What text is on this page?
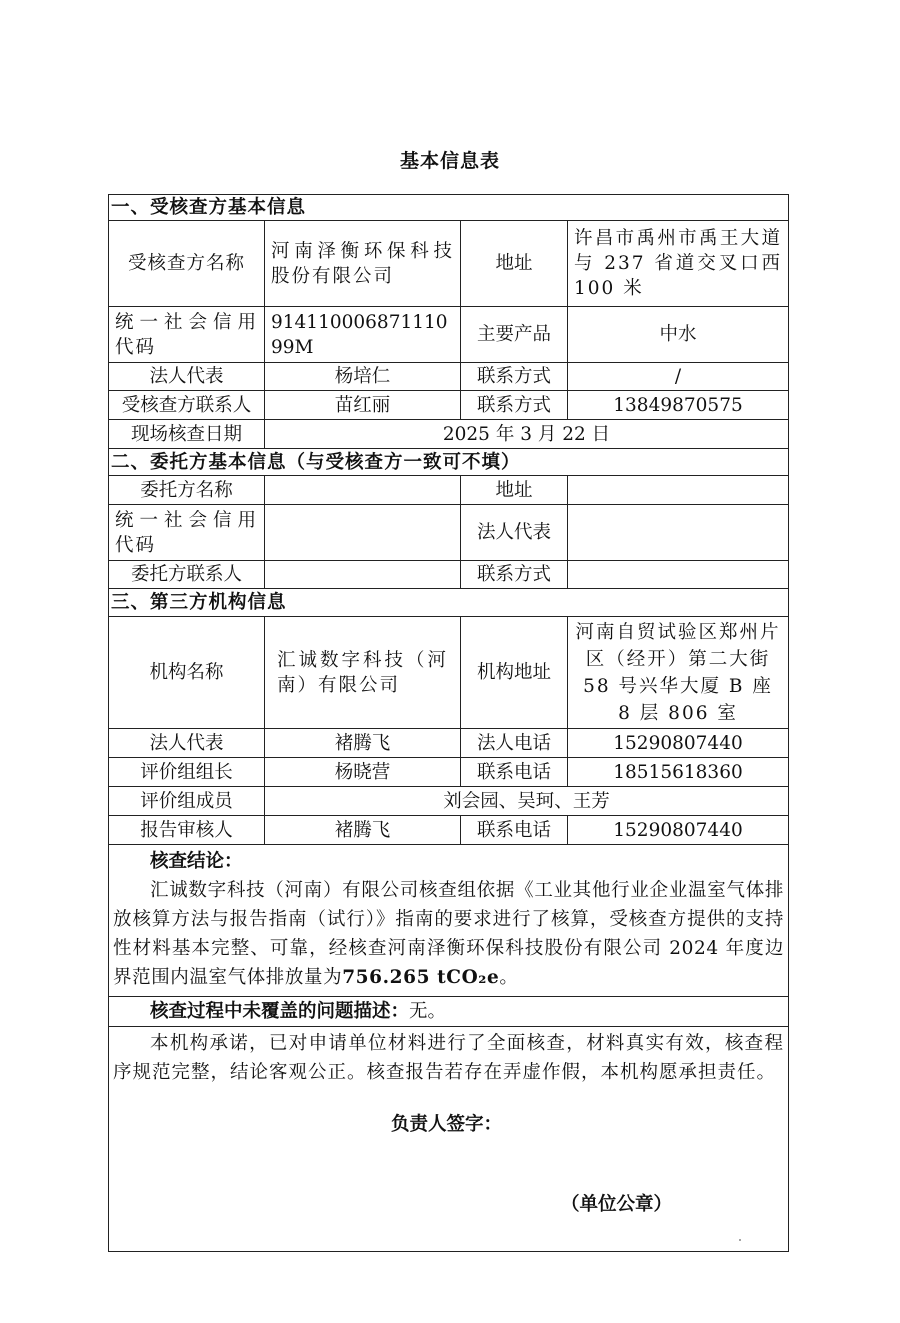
基本信息表
一、受核查方基本信息			
受核查方名称	河南泽衡环保科技股份有限公司	地址	许昌市禹州市禹王大道与 237 省道交叉口西 100 米
统一社会信用代码	91411000687111099M	主要产品	中水
法人代表	杨培仁	联系方式	/
受核查方联系人	苗红丽	联系方式	13849870575
现场核查日期	2025 年 3 月 22 日		
二、委托方基本信息（与受核查方一致可不填）			
委托方名称		地址	
统一社会信用代码		法人代表	
委托方联系人		联系方式	
三、第三方机构信息			
机构名称	汇诚数字科技（河南）有限公司	机构地址	河南自贸试验区郑州片区（经开）第二大街 58 号兴华大厦 B 座 8 层 806 室
法人代表	褚腾飞	法人电话	15290807440
评价组组长	杨晓营	联系电话	18515618360
评价组成员	刘会园、吴珂、王芳		
报告审核人	褚腾飞	联系电话	15290807440

核查结论：
汇诚数字科技（河南）有限公司核查组依据《工业其他行业企业温室气体排放核算方法与报告指南（试行）》指南的要求进行了核算，受核查方提供的支持性材料基本完整、可靠，经核查河南泽衡环保科技股份有限公司 2024 年度边界范围内温室气体排放量为756.265 tCO₂e。			

核查过程中未覆盖的问题描述：无。			

本机构承诺，已对申请单位材料进行了全面核查，材料真实有效，核查程序规范完整，结论客观公正。核查报告若存在弄虚作假，本机构愿承担责任。
负责人签字：
（单位公章）			
